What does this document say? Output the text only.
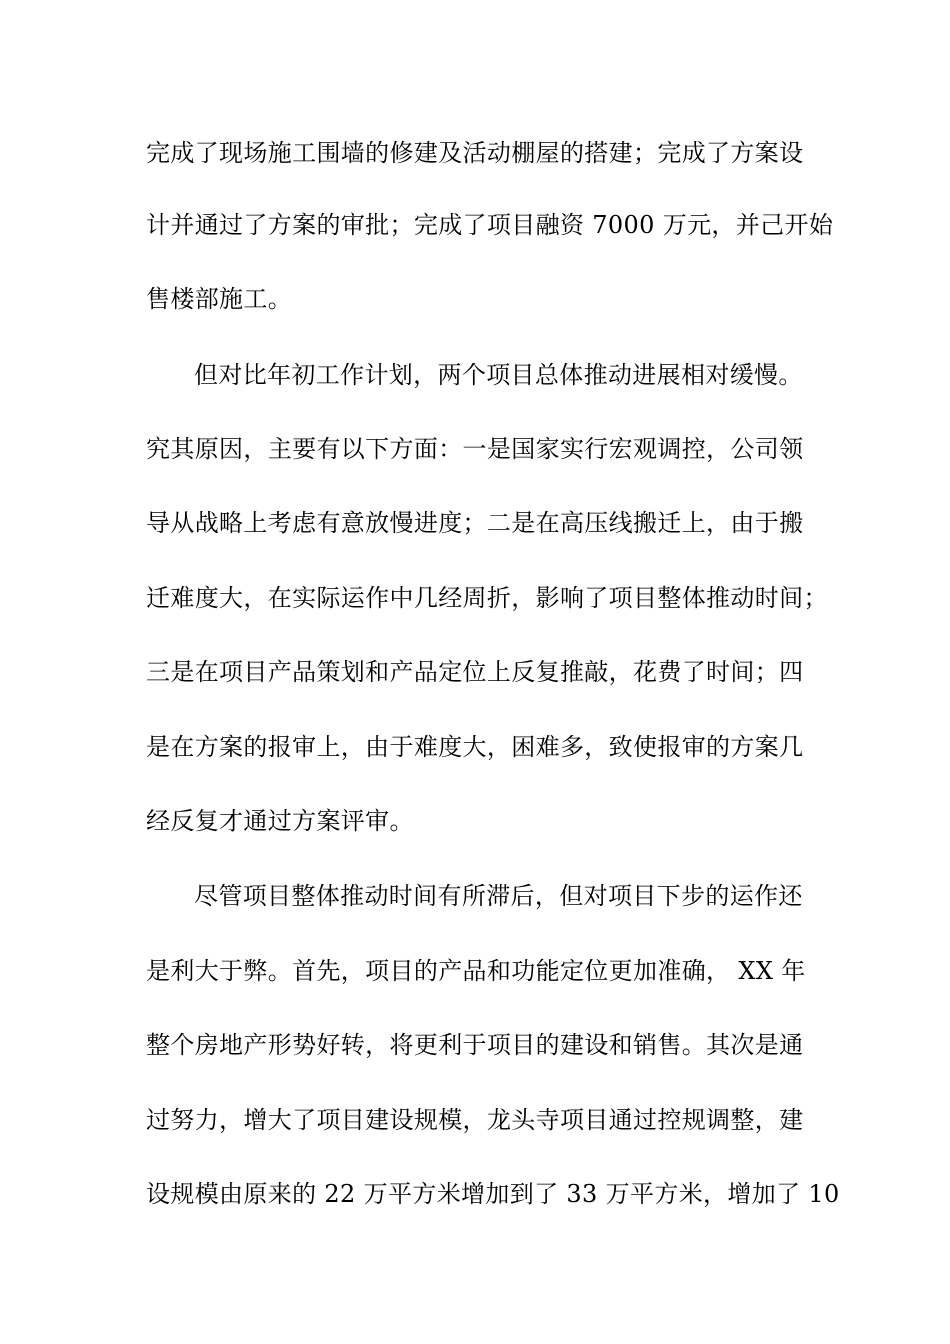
完成了现场施工围墙的修建及活动棚屋的搭建；完成了方案设

计并通过了方案的审批；完成了项目融资 7000 万元，并己开始

售楼部施工。

但对比年初工作计划，两个项目总体推动进展相对缓慢。

究其原因，主要有以下方面：一是国家实行宏观调控，公司领

导从战略上考虑有意放慢进度；二是在高压线搬迁上，由于搬

迁难度大，在实际运作中几经周折，影响了项目整体推动时间；

三是在项目产品策划和产品定位上反复推敲，花费了时间；四

是在方案的报审上，由于难度大，困难多，致使报审的方案几

经反复才通过方案评审。

尽管项目整体推动时间有所滞后，但对项目下步的运作还

是利大于弊。首先，项目的产品和功能定位更加准确， XX 年

整个房地产形势好转，将更利于项目的建设和销售。其次是通

过努力，增大了项目建设规模，龙头寺项目通过控规调整，建

设规模由原来的 22 万平方米增加到了 33 万平方米，增加了 10
